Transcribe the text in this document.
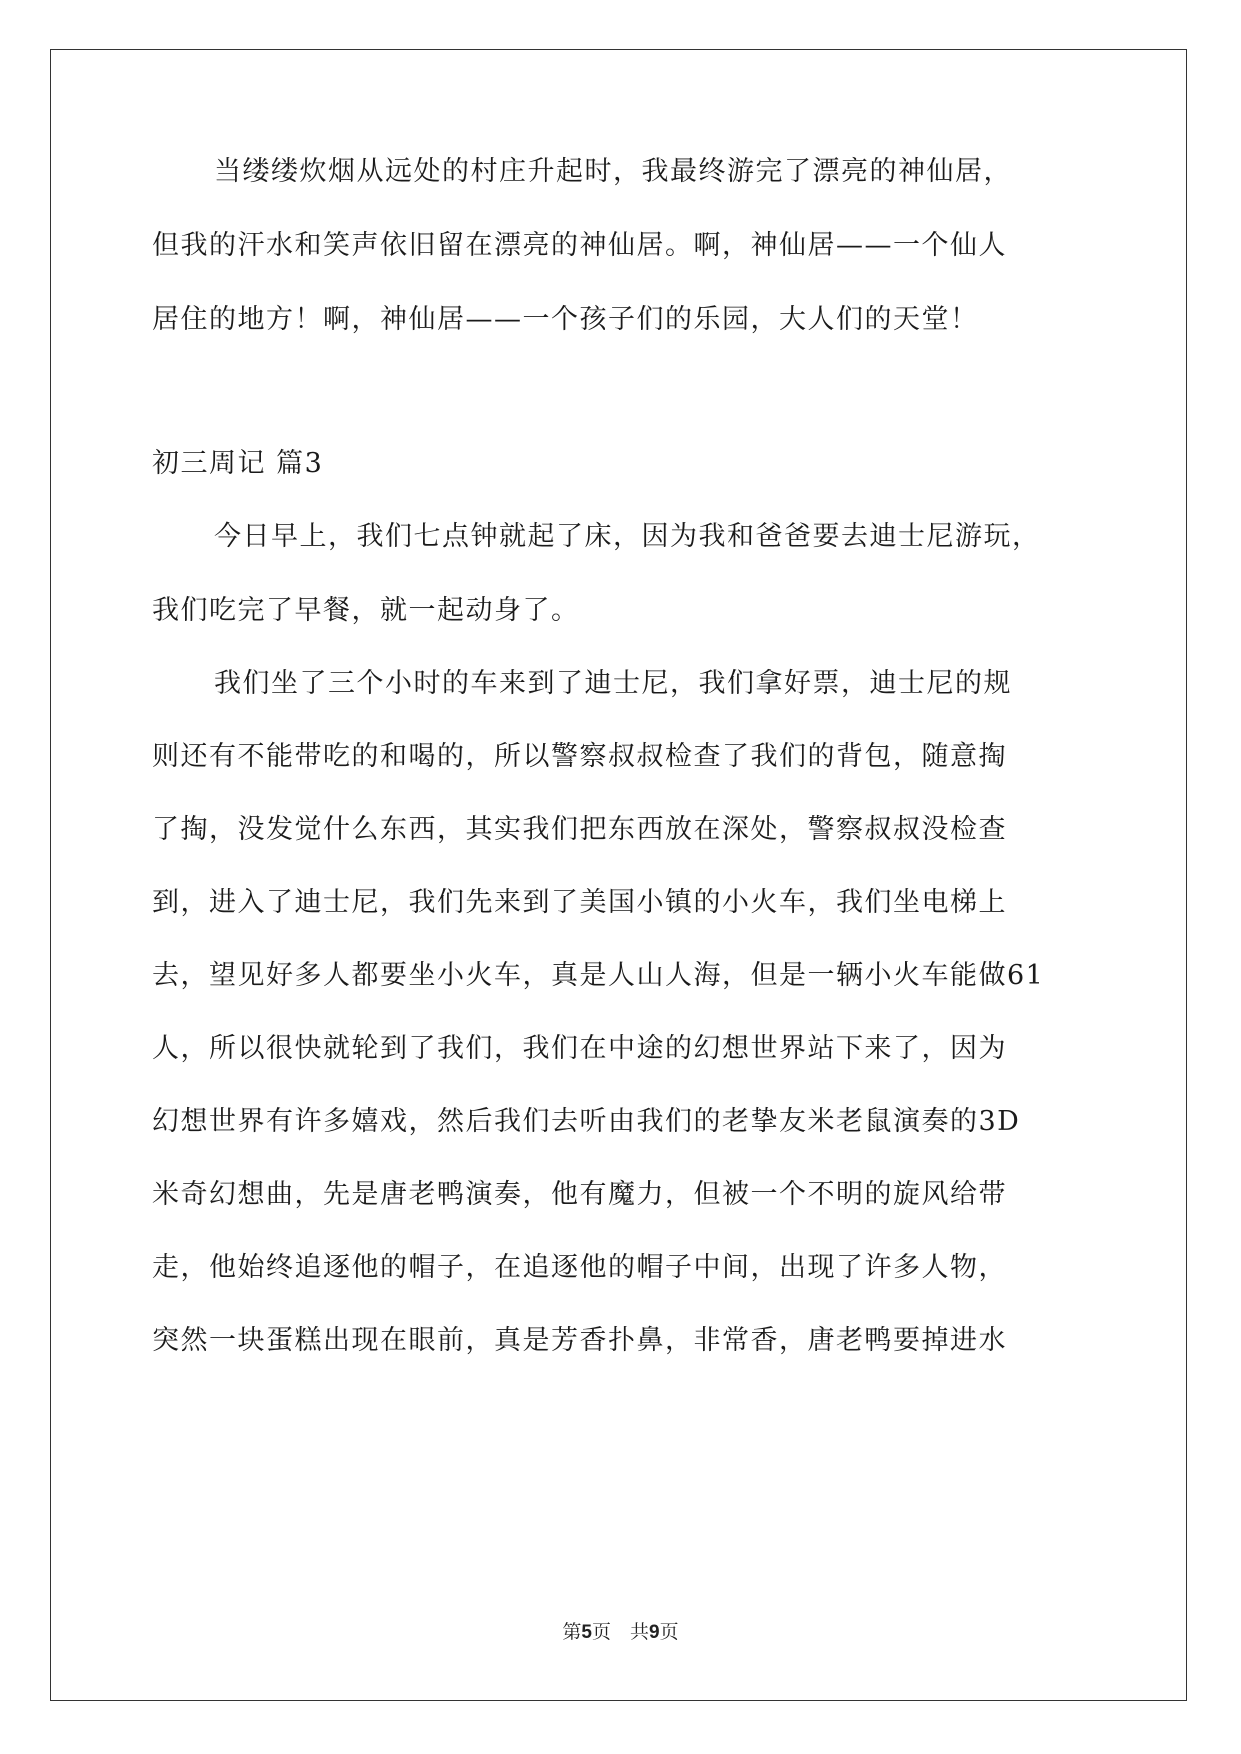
当缕缕炊烟从远处的村庄升起时，我最终游完了漂亮的神仙居，
但我的汗水和笑声依旧留在漂亮的神仙居。啊，神仙居——一个仙人
居住的地方！啊，神仙居——一个孩子们的乐园，大人们的天堂！
初三周记 篇3
今日早上，我们七点钟就起了床，因为我和爸爸要去迪士尼游玩，
我们吃完了早餐，就一起动身了。
我们坐了三个小时的车来到了迪士尼，我们拿好票，迪士尼的规
则还有不能带吃的和喝的，所以警察叔叔检查了我们的背包，随意掏
了掏，没发觉什么东西，其实我们把东西放在深处，警察叔叔没检查
到，进入了迪士尼，我们先来到了美国小镇的小火车，我们坐电梯上
去，望见好多人都要坐小火车，真是人山人海，但是一辆小火车能做61
人，所以很快就轮到了我们，我们在中途的幻想世界站下来了，因为
幻想世界有许多嬉戏，然后我们去听由我们的老挚友米老鼠演奏的3D
米奇幻想曲，先是唐老鸭演奏，他有魔力，但被一个不明的旋风给带
走，他始终追逐他的帽子，在追逐他的帽子中间，出现了许多人物，
突然一块蛋糕出现在眼前，真是芳香扑鼻，非常香，唐老鸭要掉进水
第5页　共9页
